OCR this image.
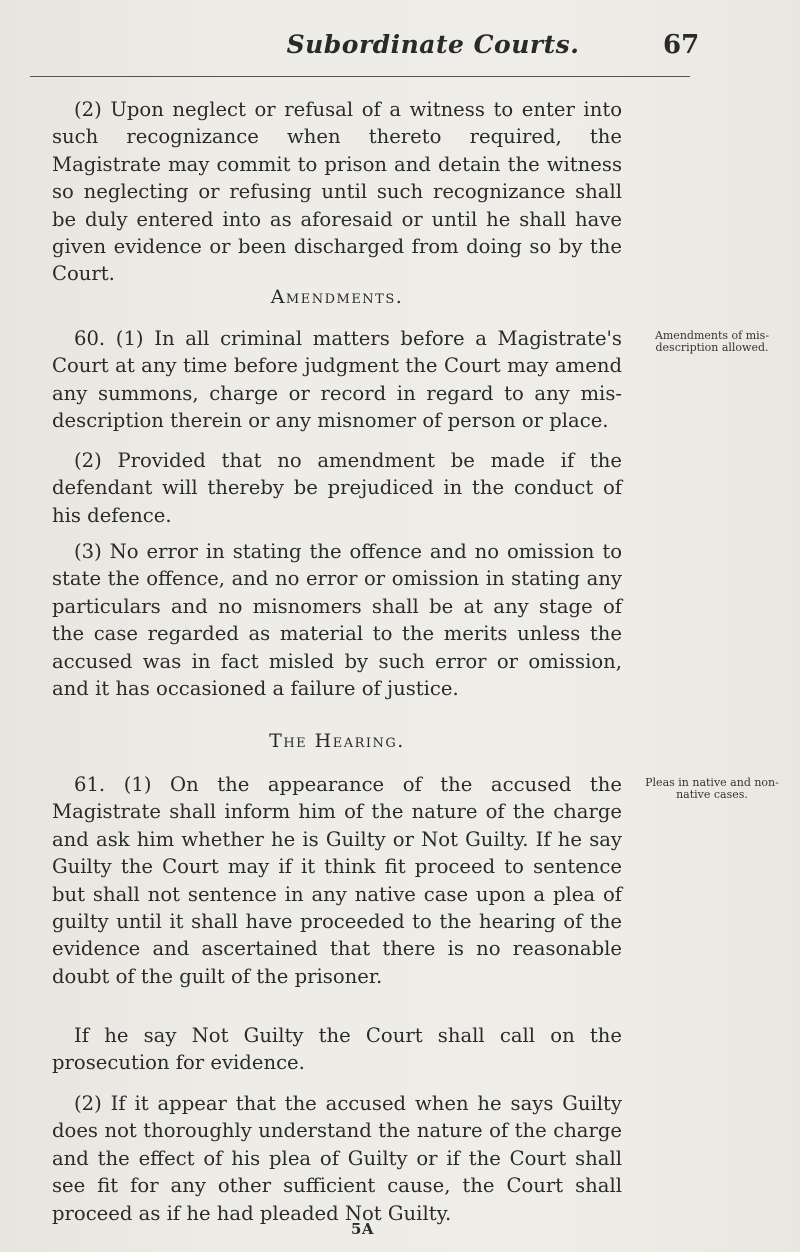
Subordinate Courts.	67

(2) Upon neglect or refusal of a witness to enter into such recognizance when thereto required, the Magistrate may commit to prison and detain the witness so neglecting or refusing until such recognizance shall be duly entered into as aforesaid or until he shall have given evidence or been discharged from doing so by the Court.

Amendments.

60. (1) In all criminal matters before a Magistrate's Court at any time before judgment the Court may amend any summons, charge or record in regard to any mis-description therein or any misnomer of person or place.

Amendments of mis-description allowed.

(2) Provided that no amendment be made if the defendant will thereby be prejudiced in the conduct of his defence.

(3) No error in stating the offence and no omission to state the offence, and no error or omission in stating any particulars and no misnomers shall be at any stage of the case regarded as material to the merits unless the accused was in fact misled by such error or omission, and it has occasioned a failure of justice.

The Hearing.

61. (1) On the appearance of the accused the Magistrate shall inform him of the nature of the charge and ask him whether he is Guilty or Not Guilty. If he say Guilty the Court may if it think fit proceed to sentence but shall not sentence in any native case upon a plea of guilty until it shall have proceeded to the hearing of the evidence and ascertained that there is no reasonable doubt of the guilt of the prisoner.

Pleas in native and non-native cases.

If he say Not Guilty the Court shall call on the prosecution for evidence.

(2) If it appear that the accused when he says Guilty does not thoroughly understand the nature of the charge and the effect of his plea of Guilty or if the Court shall see fit for any other sufficient cause, the Court shall proceed as if he had pleaded Not Guilty.

5A
